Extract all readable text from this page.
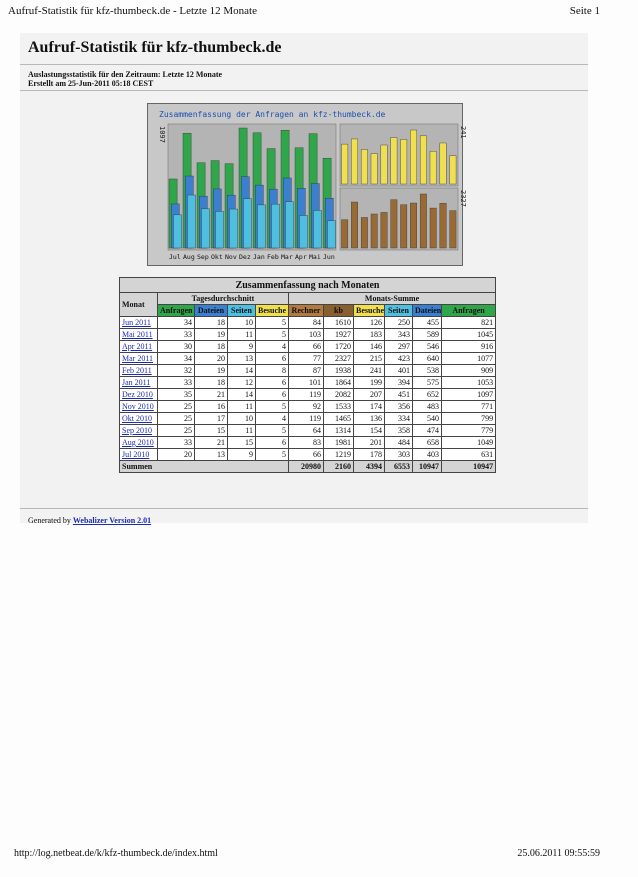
Aufruf-Statistik für kfz-thumbeck.de - Letzte 12 Monate	Seite 1
Aufruf-Statistik für kfz-thumbeck.de
Auslastungsstatistik für den Zeitraum: Letzte 12 Monate
Erstellt am 25-Jun-2011 05:18 CEST
Zusammenfassung der Anfragen an kfz-thumbeck.de
1097	241
2327
Jul Aug Sep Okt Nov Dez Jan Feb Mar Apr Mai Jun
Zusammenfassung nach Monaten										
Monat	Tagesdurchschnitt				Monats-Summe					
	Anfragen	Dateien	Seiten	Besuche	Rechner	kb	Besuche	Seiten	Dateien	Anfragen
Jun 2011	34	18	10	5	84	1610	126	250	455	821
Mai 2011	33	19	11	5	103	1927	183	343	589	1045
Apr 2011	30	18	9	4	66	1720	146	297	546	916
Mar 2011	34	20	13	6	77	2327	215	423	640	1077
Feb 2011	32	19	14	8	87	1938	241	401	538	909
Jan 2011	33	18	12	6	101	1864	199	394	575	1053
Dez 2010	35	21	14	6	119	2082	207	451	652	1097
Nov 2010	25	16	11	5	92	1533	174	356	483	771
Okt 2010	25	17	10	4	119	1465	136	334	540	799
Sep 2010	25	15	11	5	64	1314	154	358	474	779
Aug 2010	33	21	15	6	83	1981	201	484	658	1049
Jul 2010	20	13	9	5	66	1219	178	303	403	631
Summen					20980	2160	4394	6553	10947	10947
Generated by Webalizer Version 2.01
http://log.netbeat.de/k/kfz-thumbeck.de/index.html	25.06.2011 09:55:59
